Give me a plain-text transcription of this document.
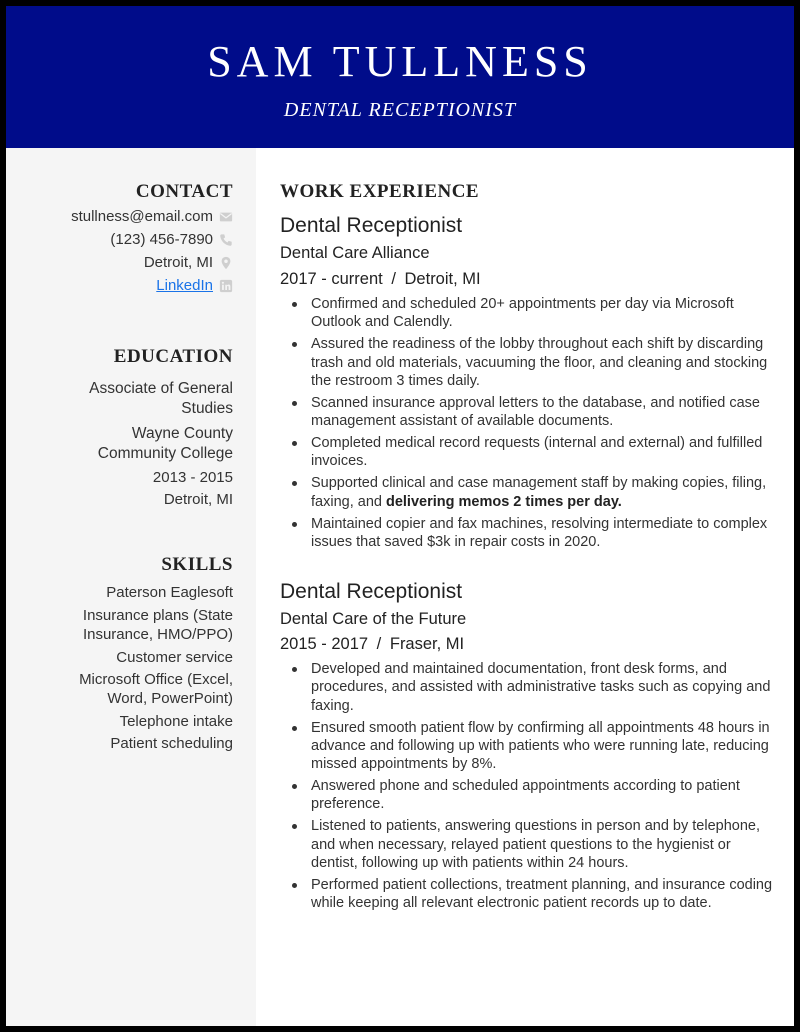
SAM TULLNESS
DENTAL RECEPTIONIST
CONTACT
stullness@email.com
(123) 456-7890
Detroit, MI
LinkedIn
EDUCATION
Associate of General Studies
Wayne County Community College
2013 - 2015
Detroit, MI
SKILLS
Paterson Eaglesoft
Insurance plans (State Insurance, HMO/PPO)
Customer service
Microsoft Office (Excel, Word, PowerPoint)
Telephone intake
Patient scheduling
WORK EXPERIENCE
Dental Receptionist
Dental Care Alliance
2017 - current / Detroit, MI
Confirmed and scheduled 20+ appointments per day via Microsoft Outlook and Calendly.
Assured the readiness of the lobby throughout each shift by discarding trash and old materials, vacuuming the floor, and cleaning and stocking the restroom 3 times daily.
Scanned insurance approval letters to the database, and notified case management assistant of available documents.
Completed medical record requests (internal and external) and fulfilled invoices.
Supported clinical and case management staff by making copies, filing, faxing, and delivering memos 2 times per day.
Maintained copier and fax machines, resolving intermediate to complex issues that saved $3k in repair costs in 2020.
Dental Receptionist
Dental Care of the Future
2015 - 2017 / Fraser, MI
Developed and maintained documentation, front desk forms, and procedures, and assisted with administrative tasks such as copying and faxing.
Ensured smooth patient flow by confirming all appointments 48 hours in advance and following up with patients who were running late, reducing missed appointments by 8%.
Answered phone and scheduled appointments according to patient preference.
Listened to patients, answering questions in person and by telephone, and when necessary, relayed patient questions to the hygienist or dentist, following up with patients within 24 hours.
Performed patient collections, treatment planning, and insurance coding while keeping all relevant electronic patient records up to date.
